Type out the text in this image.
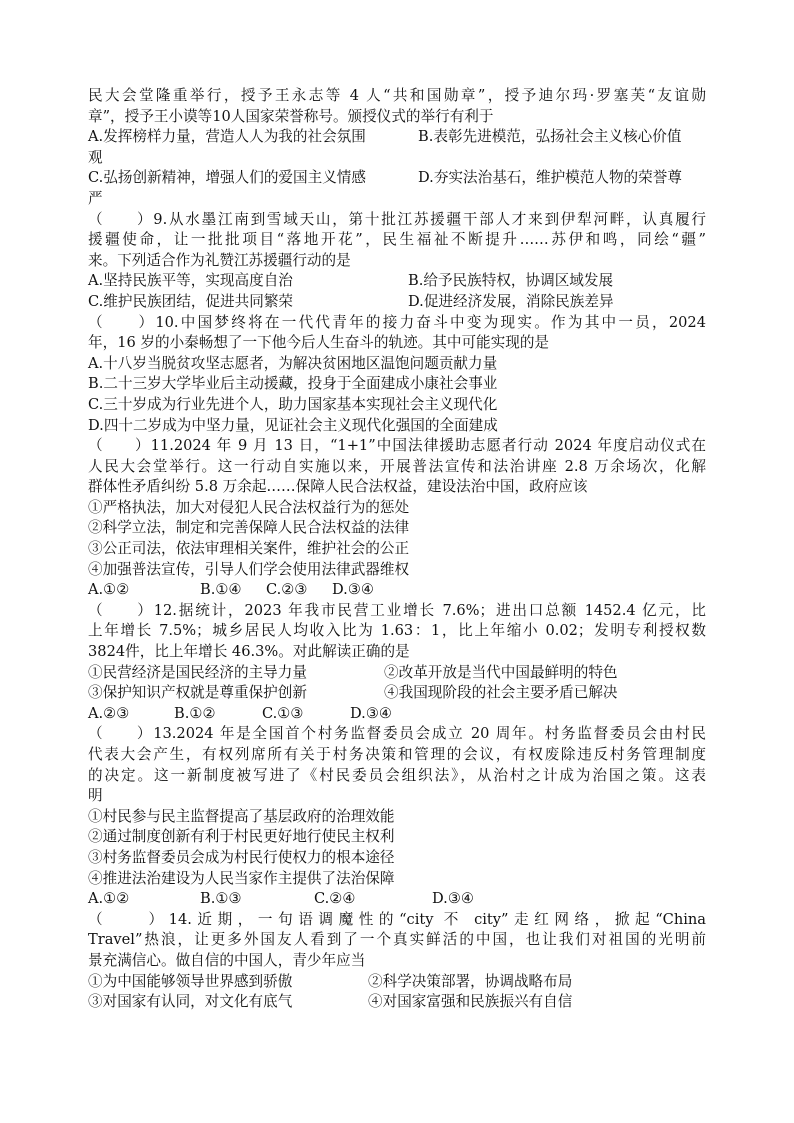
民大会堂隆重举行，授予王永志等 4 人“共和国勋章”，授予迪尔玛·罗塞芙“友谊勋
章”，授予王小谟等10人国家荣誉称号。颁授仪式的举行有利于
A.发挥榜样力量，营造人人为我的社会氛围	B.表彰先进模范，弘扬社会主义核心价值
观
C.弘扬创新精神，增强人们的爱国主义情感	D.夯实法治基石，维护模范人物的荣誉尊
严
（　　）9.从水墨江南到雪域天山，第十批江苏援疆干部人才来到伊犁河畔，认真履行
援疆使命，让一批批项目“落地开花”，民生福祉不断提升……苏伊和鸣，同绘“疆”
来。下列适合作为礼赞江苏援疆行动的是
A.坚持民族平等，实现高度自治	B.给予民族特权，协调区域发展
C.维护民族团结，促进共同繁荣	D.促进经济发展，消除民族差异
（　　）10.中国梦终将在一代代青年的接力奋斗中变为现实。作为其中一员，2024
年，16 岁的小秦畅想了一下他今后人生奋斗的轨迹。其中可能实现的是
A.十八岁当脱贫攻坚志愿者，为解决贫困地区温饱问题贡献力量
B.二十三岁大学毕业后主动援藏，投身于全面建成小康社会事业
C.三十岁成为行业先进个人，助力国家基本实现社会主义现代化
D.四十二岁成为中坚力量，见证社会主义现代化强国的全面建成
（　　）11.2024 年 9 月 13 日，“1+1”中国法律援助志愿者行动 2024 年度启动仪式在
人民大会堂举行。这一行动自实施以来，开展普法宣传和法治讲座 2.8 万余场次，化解
群体性矛盾纠纷 5.8 万余起……保障人民合法权益，建设法治中国，政府应该
①严格执法，加大对侵犯人民合法权益行为的惩处
②科学立法，制定和完善保障人民合法权益的法律
③公正司法，依法审理相关案件，维护社会的公正
④加强普法宣传，引导人们学会使用法律武器维权
A.①②	B.①④	C.②③	D.③④
（　　）12.据统计，2023 年我市民营工业增长 7.6%；进出口总额 1452.4 亿元，比
上年增长 7.5%；城乡居民人均收入比为 1.63：1，比上年缩小 0.02；发明专利授权数
3824件，比上年增长 46.3%。对此解读正确的是
①民营经济是国民经济的主导力量	②改革开放是当代中国最鲜明的特色
③保护知识产权就是尊重保护创新	④我国现阶段的社会主要矛盾已解决
A.②③	B.①②	C.①③	D.③④
（　　）13.2024 年是全国首个村务监督委员会成立 20 周年。村务监督委员会由村民
代表大会产生，有权列席所有关于村务决策和管理的会议，有权废除违反村务管理制度
的决定。这一新制度被写进了《村民委员会组织法》，从治村之计成为治国之策。这表
明
①村民参与民主监督提高了基层政府的治理效能
②通过制度创新有利于村民更好地行使民主权利
③村务监督委员会成为村民行使权力的根本途径
④推进法治建设为人民当家作主提供了法治保障
A.①②	B.①③	C.②④	D.③④
（　　）14.近期，一句语调魔性的“city 不 city”走红网络，掀起“China
Travel”热浪，让更多外国友人看到了一个真实鲜活的中国，也让我们对祖国的光明前
景充满信心。做自信的中国人，青少年应当
①为中国能够领导世界感到骄傲	②科学决策部署，协调战略布局
③对国家有认同，对文化有底气	④对国家富强和民族振兴有自信
